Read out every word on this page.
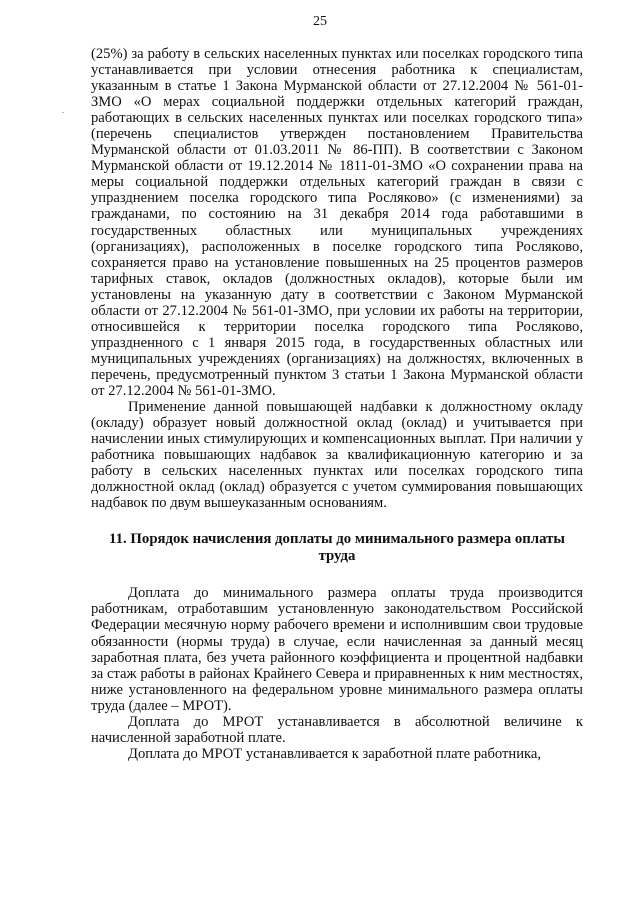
25

(25%) за работу в сельских населенных пунктах или поселках городского типа устанавливается при условии отнесения работника к специалистам, указанным в статье 1 Закона Мурманской области от 27.12.2004 № 561-01-ЗМО «О мерах социальной поддержки отдельных категорий граждан, работающих в сельских населенных пунктах или поселках городского типа» (перечень специалистов утвержден постановлением Правительства Мурманской области от 01.03.2011 № 86-ПП). В соответствии с Законом Мурманской области от 19.12.2014 № 1811-01-ЗМО «О сохранении права на меры социальной поддержки отдельных категорий граждан в связи с упразднением поселка городского типа Росляково» (с изменениями) за гражданами, по состоянию на 31 декабря 2014 года работавшими в государственных областных или муниципальных учреждениях (организациях), расположенных в поселке городского типа Росляково, сохраняется право на установление повышенных на 25 процентов размеров тарифных ставок, окладов (должностных окладов), которые были им установлены на указанную дату в соответствии с Законом Мурманской области от 27.12.2004 № 561-01-ЗМО, при условии их работы на территории, относившейся к территории поселка городского типа Росляково, упраздненного с 1 января 2015 года, в государственных областных или муниципальных учреждениях (организациях) на должностях, включенных в перечень, предусмотренный пунктом 3 статьи 1 Закона Мурманской области от 27.12.2004 № 561-01-ЗМО.

Применение данной повышающей надбавки к должностному окладу (окладу) образует новый должностной оклад (оклад) и учитывается при начислении иных стимулирующих и компенсационных выплат. При наличии у работника повышающих надбавок за квалификационную категорию и за работу в сельских населенных пунктах или поселках городского типа должностной оклад (оклад) образуется с учетом суммирования повышающих надбавок по двум вышеуказанным основаниям.

11. Порядок начисления доплаты до минимального размера оплаты труда

Доплата до минимального размера оплаты труда производится работникам, отработавшим установленную законодательством Российской Федерации месячную норму рабочего времени и исполнившим свои трудовые обязанности (нормы труда) в случае, если начисленная за данный месяц заработная плата, без учета районного коэффициента и процентной надбавки за стаж работы в районах Крайнего Севера и приравненных к ним местностях, ниже установленного на федеральном уровне минимального размера оплаты труда (далее – МРОТ).

Доплата до МРОТ устанавливается в абсолютной величине к начисленной заработной плате.

Доплата до МРОТ устанавливается к заработной плате работника,
